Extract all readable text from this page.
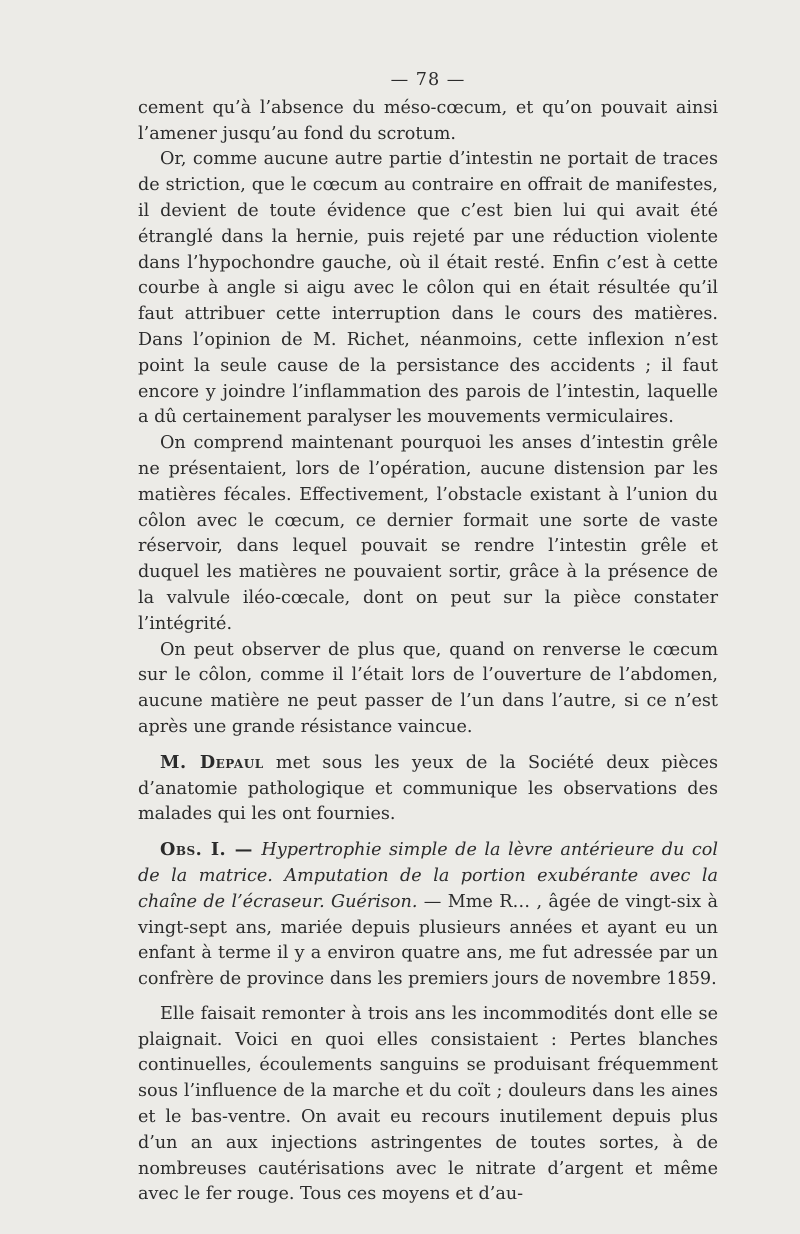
— 78 —

cement qu’à l’absence du méso-cœcum, et qu’on pouvait ainsi l’amener jusqu’au fond du scrotum.

Or, comme aucune autre partie d’intestin ne portait de traces de striction, que le cœcum au contraire en offrait de manifestes, il devient de toute évidence que c’est bien lui qui avait été étranglé dans la hernie, puis rejeté par une réduction violente dans l’hypochondre gauche, où il était resté. Enfin c’est à cette courbe à angle si aigu avec le côlon qui en était résultée qu’il faut attribuer cette interruption dans le cours des matières. Dans l’opinion de M. Richet, néanmoins, cette inflexion n’est point la seule cause de la persistance des accidents ; il faut encore y joindre l’inflammation des parois de l’intestin, laquelle a dû certainement paralyser les mouvements vermiculaires.

On comprend maintenant pourquoi les anses d’intestin grêle ne présentaient, lors de l’opération, aucune distension par les matières fécales. Effectivement, l’obstacle existant à l’union du côlon avec le cœcum, ce dernier formait une sorte de vaste réservoir, dans lequel pouvait se rendre l’intestin grêle et duquel les matières ne pouvaient sortir, grâce à la présence de la valvule iléo-cœcale, dont on peut sur la pièce constater l’intégrité.

On peut observer de plus que, quand on renverse le cœcum sur le côlon, comme il l’était lors de l’ouverture de l’abdomen, aucune matière ne peut passer de l’un dans l’autre, si ce n’est après une grande résistance vaincue.

M. Depaul met sous les yeux de la Société deux pièces d’anatomie pathologique et communique les observations des malades qui les ont fournies.

Obs. I. — Hypertrophie simple de la lèvre antérieure du col de la matrice. Amputation de la portion exubérante avec la chaîne de l’écraseur. Guérison. — Mme R… , âgée de vingt-six à vingt-sept ans, mariée depuis plusieurs années et ayant eu un enfant à terme il y a environ quatre ans, me fut adressée par un confrère de province dans les premiers jours de novembre 1859.

Elle faisait remonter à trois ans les incommodités dont elle se plaignait. Voici en quoi elles consistaient : Pertes blanches continuelles, écoulements sanguins se produisant fréquemment sous l’influence de la marche et du coït ; douleurs dans les aines et le bas-ventre. On avait eu recours inutilement depuis plus d’un an aux injections astringentes de toutes sortes, à de nombreuses cautérisations avec le nitrate d’argent et même avec le fer rouge. Tous ces moyens et d’au-
